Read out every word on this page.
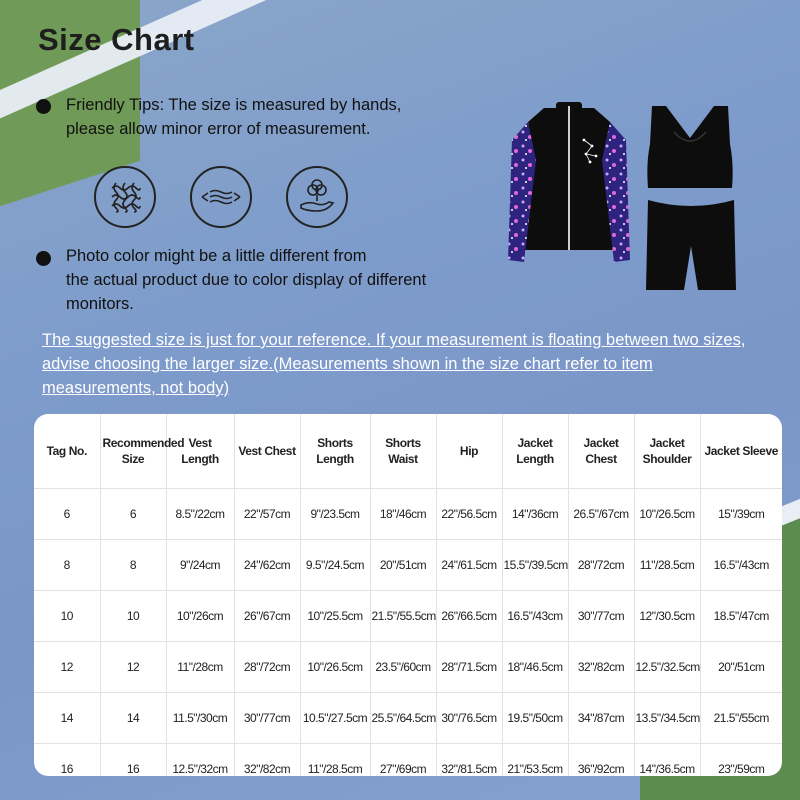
Size Chart
Friendly Tips: The size is measured by hands,
please allow minor error of measurement.
Photo color might be a little different from
the actual product due to color display of different
monitors.
The suggested size is just for your reference. If your measurement is floating between two sizes, advise choosing the larger size.(Measurements shown in the size chart refer to item measurements, not body)
Tag No.	Recommended Size	Vest Length	Vest Chest	Shorts Length	Shorts Waist	Hip	Jacket Length	Jacket Chest	Jacket Shoulder	Jacket Sleeve
6	6	8.5"/22cm	22"/57cm	9"/23.5cm	18"/46cm	22"/56.5cm	14"/36cm	26.5"/67cm	10"/26.5cm	15"/39cm
8	8	9"/24cm	24"/62cm	9.5"/24.5cm	20"/51cm	24"/61.5cm	15.5"/39.5cm	28"/72cm	11"/28.5cm	16.5"/43cm
10	10	10"/26cm	26"/67cm	10"/25.5cm	21.5"/55.5cm	26"/66.5cm	16.5"/43cm	30"/77cm	12"/30.5cm	18.5"/47cm
12	12	11"/28cm	28"/72cm	10"/26.5cm	23.5"/60cm	28"/71.5cm	18"/46.5cm	32"/82cm	12.5"/32.5cm	20"/51cm
14	14	11.5"/30cm	30"/77cm	10.5"/27.5cm	25.5"/64.5cm	30"/76.5cm	19.5"/50cm	34"/87cm	13.5"/34.5cm	21.5"/55cm
16	16	12.5"/32cm	32"/82cm	11"/28.5cm	27"/69cm	32"/81.5cm	21"/53.5cm	36"/92cm	14"/36.5cm	23"/59cm
